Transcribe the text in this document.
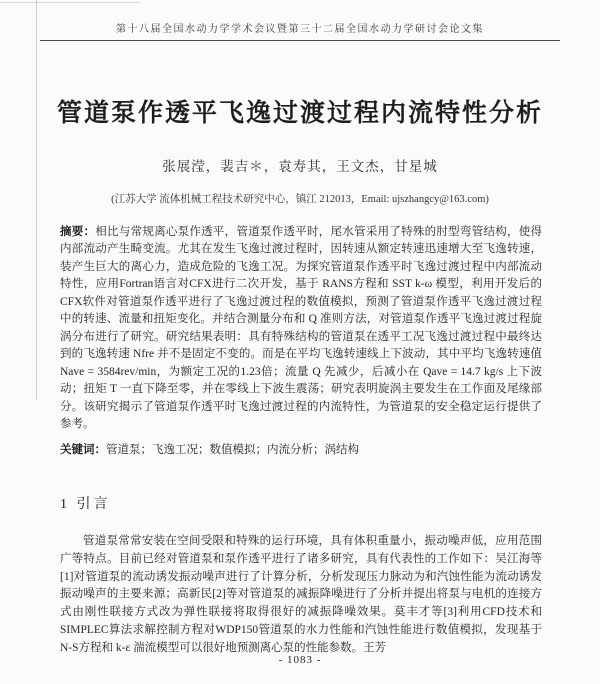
第十八届全国水动力学学术会议暨第三十二届全国水动力学研讨会论文集
管道泵作透平飞逸过渡过程内流特性分析
张展滢，裴吉＊，袁寿其，王文杰，甘星城
(江苏大学 流体机械工程技术研究中心，镇江 212013，Email: ujszhangcy@163.com)

摘要：相比与常规离心泵作透平，管道泵作透平时，尾水管采用了特殊的肘型弯管结构，使得内部流动产生畸变流。尤其在发生飞逸过渡过程时，因转速从额定转速迅速增大至飞逸转速，装产生巨大的离心力，造成危险的飞逸工况。为探究管道泵作透平时飞逸过渡过程中内部流动特性，应用Fortran语言对CFX进行二次开发，基于 RANS方程和 SST k-ω 模型，利用开发后的CFX软件对管道泵作透平进行了飞逸过渡过程的数值模拟，预测了管道泵作透平飞逸过渡过程中的转速、流量和扭矩变化。并结合测量分布和 Q 准则方法，对管道泵作透平飞逸过渡过程旋涡分布进行了研究。研究结果表明：具有特殊结构的管道泵在透平工况飞逸过渡过程中最终达到的飞逸转速 Nfre 并不是固定不变的。而是在平均飞逸转速线上下波动，其中平均飞逸转速值 Nave = 3584rev/min，为额定工况的1.23倍；流量 Q 先减少，后减小在 Qave = 14.7 kg/s 上下波动；扭矩 T 一直下降至零，并在零线上下波生震荡；研究表明旋涡主要发生在工作面及尾缘部分。该研究揭示了管道泵作透平时飞逸过渡过程的内流特性，为管道泵的安全稳定运行提供了参考。

关键词：管道泵；飞逸工况；数值模拟；内流分析；涡结构

1 引言

管道泵常常安装在空间受限和特殊的运行环境，具有体积重量小，振动噪声低，应用范围广等特点。目前已经对管道泵和泵作透平进行了诸多研究，具有代表性的工作如下：吴江海等[1]对管道泵的流动诱发振动噪声进行了计算分析，分析发现压力脉动为和汽蚀性能为流动诱发振动噪声的主要来源；高新民[2]等对管道泵的减振降噪进行了分析并提出将泵与电机的连接方式由刚性联接方式改为弹性联接将取得很好的减振降噪效果。莫丰才等[3]利用CFD技术和SIMPLEC算法求解控制方程对WDP150管道泵的水力性能和汽蚀性能进行数值模拟，发现基于N-S方程和 k-ε 湍流模型可以很好地预测离心泵的性能参数。王芳

- 1083 -
